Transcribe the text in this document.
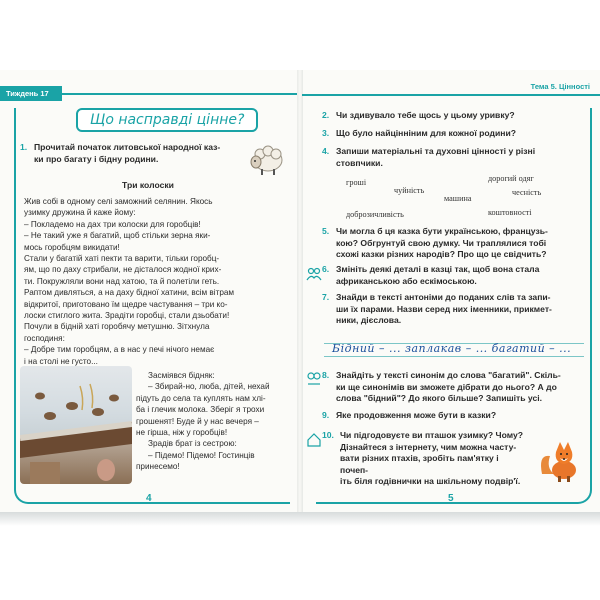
Тиждень 17
Що насправді цінне?
1. Прочитай початок литовської народної каз-
ки про багату і бідну родини.
Три колоски
Жив собі в одному селі заможний селянин. Якось
узимку дружина й каже йому:
– Покладемо на дах три колоски для горобців!
– Не такий уже я багатий, щоб стільки зерна яки-
мось горобцям викидати!
Стали у багатій хаті пекти та варити, тільки горобц-
ям, що по даху стрибали, не дісталося жодної крих-
ти. Покружляли вони над хатою, та й полетіли геть.
Раптом дивляться, а на даху бідної хатини, всім вітрам
відкритої, приготовано їм щедре частування – три ко-
лоски стиглого жита. Зрадіти горобці, стали дзьобати!
Почули в бідній хаті горобячу метушню. Зітхнула
господиня:
– Добре тим горобцям, а в нас у печі нічого немає
і на столі не густо...
Засміявся бідняк:
– Збирай-но, люба, дітей, нехай
підуть до села та куплять нам хлі-
ба і глечик молока. Зберіг я трохи
грошенят! Буде й у нас вечеря –
не гірша, ніж у горобців!
Зрадів брат із сестрою:
– Підемо! Підемо! Гостинців
принесемо!
4
Тема 5. Цінності
2. Чи здивувало тебе щось у цьому уривку?
3. Що було найцінніним для кожної родини?
4. Запиши матеріальні та духовні цінності у різні
стовпчики.
гроші	дорогий одяг
чуйність	чесність
машина
доброзичливість	коштовності
5. Чи могла б ця казка бути українською, французь-
кою? Обгрунтуй свою думку. Чи траплялися тобі
схожі казки різних народів? Про що це свідчить?
6. Змініть деякі деталі в казці так, щоб вона стала
африканською або ескімоською.
7. Знайди в тексті антоніми до поданих слів та запи-
ши їх парами. Назви серед них іменники, прикмет-
ники, дієслова.
Бідний – ... заплакав – ... багатий – ...
8. Знайдіть у тексті синонім до слова "багатий". Скіль-
ки ще синонімів ви зможете дібрати до нього? А до
слова "бідний"? До якого більше? Запишіть усі.
9. Яке продовження може бути в казки?
10. Чи підгодовуєте ви пташок узимку? Чому?
Дізнайтеся з інтернету, чим можна часту-
вати різних птахів, зробіть пам'ятку і почеп-
іть біля годівнички на шкільному подвір'ї.
5
